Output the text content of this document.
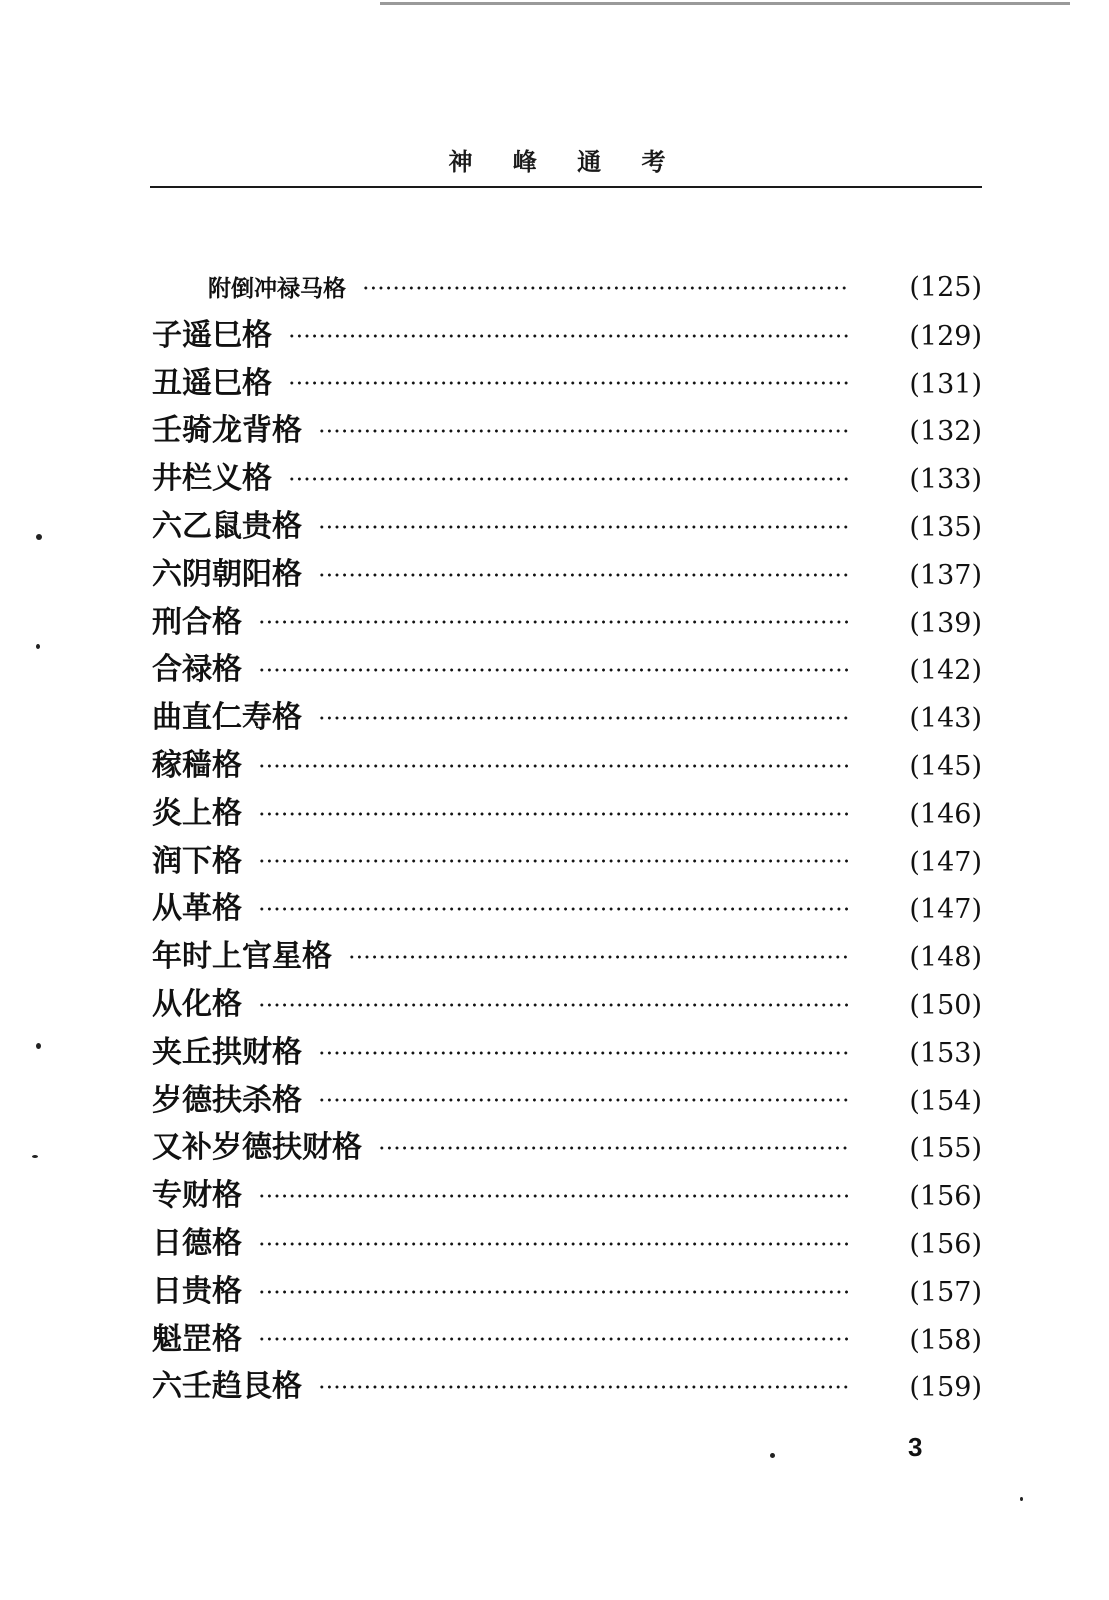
神 峰 通 考
附倒冲禄马格	(125)
子遥巳格	(129)
丑遥巳格	(131)
壬骑龙背格	(132)
井栏义格	(133)
六乙鼠贵格	(135)
六阴朝阳格	(137)
刑合格	(139)
合禄格	(142)
曲直仁寿格	(143)
稼穑格	(145)
炎上格	(146)
润下格	(147)
从革格	(147)
年时上官星格	(148)
从化格	(150)
夹丘拱财格	(153)
岁德扶杀格	(154)
又补岁德扶财格	(155)
专财格	(156)
日德格	(156)
日贵格	(157)
魁罡格	(158)
六壬趋艮格	(159)
3
